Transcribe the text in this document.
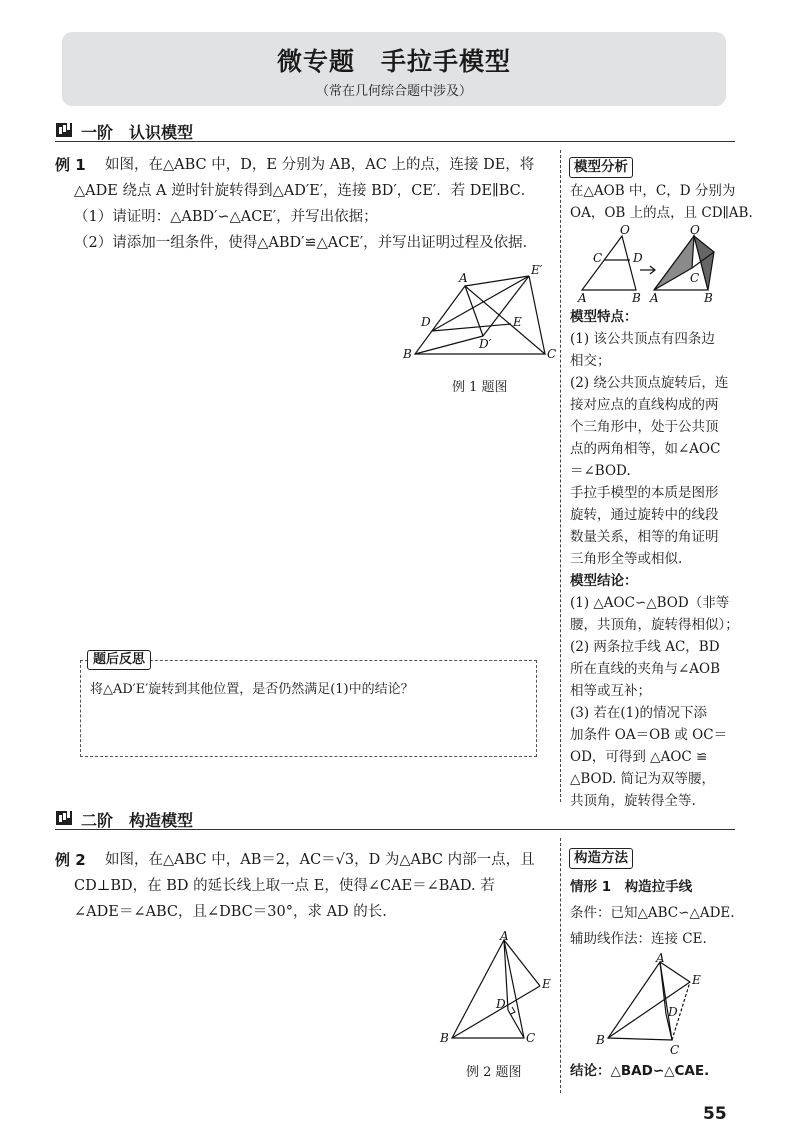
微专题　手拉手模型
（常在几何综合题中涉及）
一阶　认识模型
例 1 如图，在△ABC 中，D，E 分别为 AB，AC 上的点，连接 DE，将
△ADE 绕点 A 逆时针旋转得到△AD′E′，连接 BD′，CE′．若 DE∥BC．
（1）请证明：△ABD′∽△ACE′，并写出依据；
（2）请添加一组条件，使得△ABD′≌△ACE′，并写出证明过程及依据．
A
E′
D	E
D′
B	C
例 1 题图
题后反思
将△AD′E′旋转到其他位置，是否仍然满足(1)中的结论？
模型分析
在△AOB 中，C，D 分别为
OA，OB 上的点，且 CD∥AB.
O
C	D
A	B
O
C
A	B
模型特点：
(1) 该公共顶点有四条边
相交；
(2) 绕公共顶点旋转后，连
接对应点的直线构成的两
个三角形中，处于公共顶
点的两角相等，如∠AOC
＝∠BOD.
手拉手模型的本质是图形
旋转，通过旋转中的线段
数量关系，相等的角证明
三角形全等或相似.
模型结论：
(1) △AOC∽△BOD（非等
腰，共顶角，旋转得相似）；
(2) 两条拉手线 AC，BD
所在直线的夹角与∠AOB
相等或互补；
(3) 若在(1)的情况下添
加条件 OA＝OB 或 OC＝
OD，可得到 △AOC ≌
△BOD. 简记为双等腰，
共顶角，旋转得全等.
二阶　构造模型
例 2 如图，在△ABC 中，AB＝2，AC＝√3，D 为△ABC 内部一点，且
CD⊥BD，在 BD 的延长线上取一点 E，使得∠CAE＝∠BAD. 若
∠ADE＝∠ABC，且∠DBC＝30°，求 AD 的长.
A
E
D
B	C
例 2 题图
构造方法
情形 1　构造拉手线
条件：已知△ABC∽△ADE.
辅助线作法：连接 CE.
A
E
D
B
C
结论：△BAD∽△CAE.
55
